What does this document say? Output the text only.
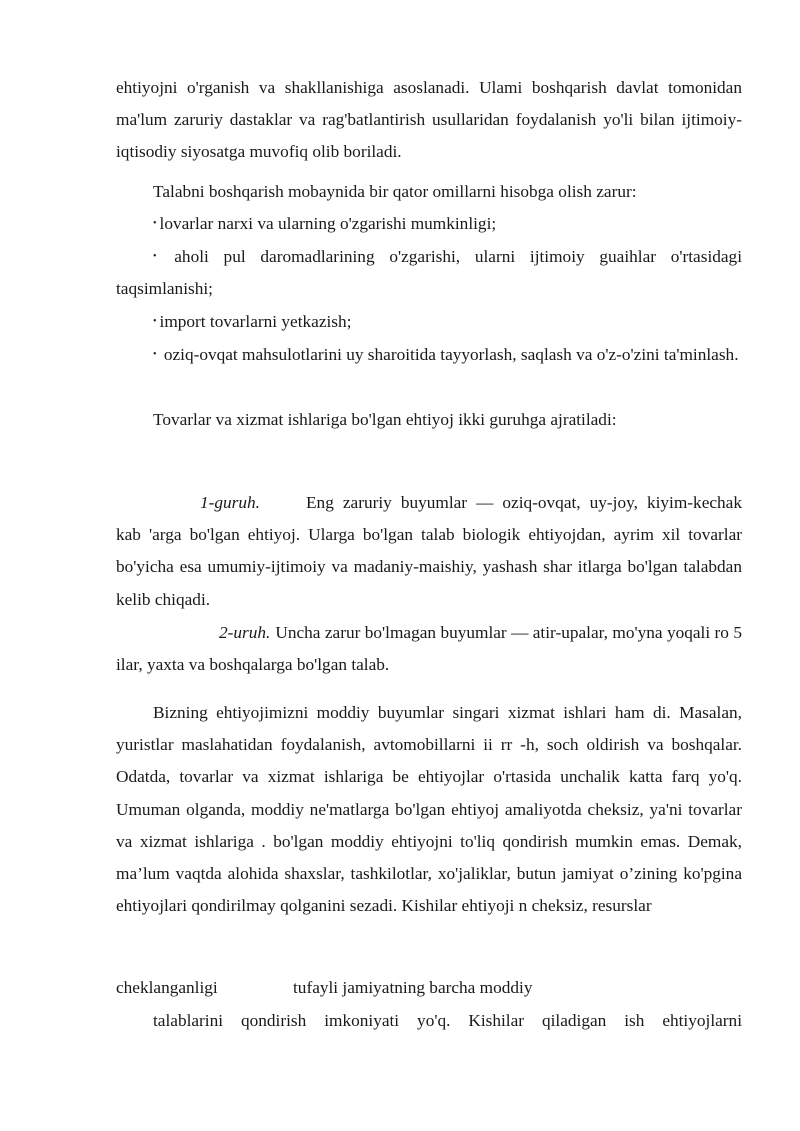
ehtiyojni o'rganish va shakllanishiga asoslanadi. Ulami boshqarish davlat tomonidan ma'lum zaruriy dastaklar va rag'batlantirish usullaridan foydalanish yo'li bilan ijtimoiy-iqtisodiy siyosatga muvofiq olib boriladi.
Talabni boshqarish mobaynida bir qator omillarni hisobga olish zarur:
• lovarlar narxi va ularning o'zgarishi mumkinligi;
• aholi pul daromadlarining o'zgarishi, ularni ijtimoiy guaihlar o'rtasidagi taqsimlanishi;
• import tovarlarni yetkazish;
• oziq-ovqat mahsulotlarini uy sharoitida tayyorlash, saqlash va o'z-o'zini ta'minlash.
Tovarlar va xizmat ishlariga bo'lgan ehtiyoj ikki guruhga ajratiladi:
1-guruh.	Eng zaruriy buyumlar — oziq-ovqat, uy-joy, kiyim-kechak kab 'arga bo'lgan ehtiyoj. Ularga bo'lgan talab biologik ehtiyojdan, ayrim xil tovarlar bo'yicha esa umumiy-ijtimoiy va madaniy-maishiy, yashash shar itlarga bo'lgan talabdan kelib chiqadi.
2-uruh. Uncha zarur bo'lmagan buyumlar — atir-upalar, mo'yna yoqali ro 5 ilar, yaxta va boshqalarga bo'lgan talab.
Bizning ehtiyojimizni moddiy buyumlar singari xizmat ishlari ham di. Masalan, yuristlar maslahatidan foydalanish, avtomobillarni ii rr -h, soch oldirish va boshqalar. Odatda, tovarlar va xizmat ishlariga be ehtiyojlar o'rtasida unchalik katta farq yo'q. Umuman olganda, moddiy ne'matlarga bo'lgan ehtiyoj amaliyotda cheksiz, ya'ni tovarlar va xizmat ishlariga . bo'lgan moddiy ehtiyojni to'liq qondirish mumkin emas. Demak, ma’lum vaqtda alohida shaxslar, tashkilotlar, xo'jaliklar, butun jamiyat o’zining ko'pgina ehtiyojlari qondirilmay qolganini sezadi. Kishilar ehtiyoji n cheksiz, resurslar
cheklanganligi	tufayli jamiyatning barcha moddiy
talablarini qondirish imkoniyati yo'q. Kishilar qiladigan ish ehtiyojlarni
